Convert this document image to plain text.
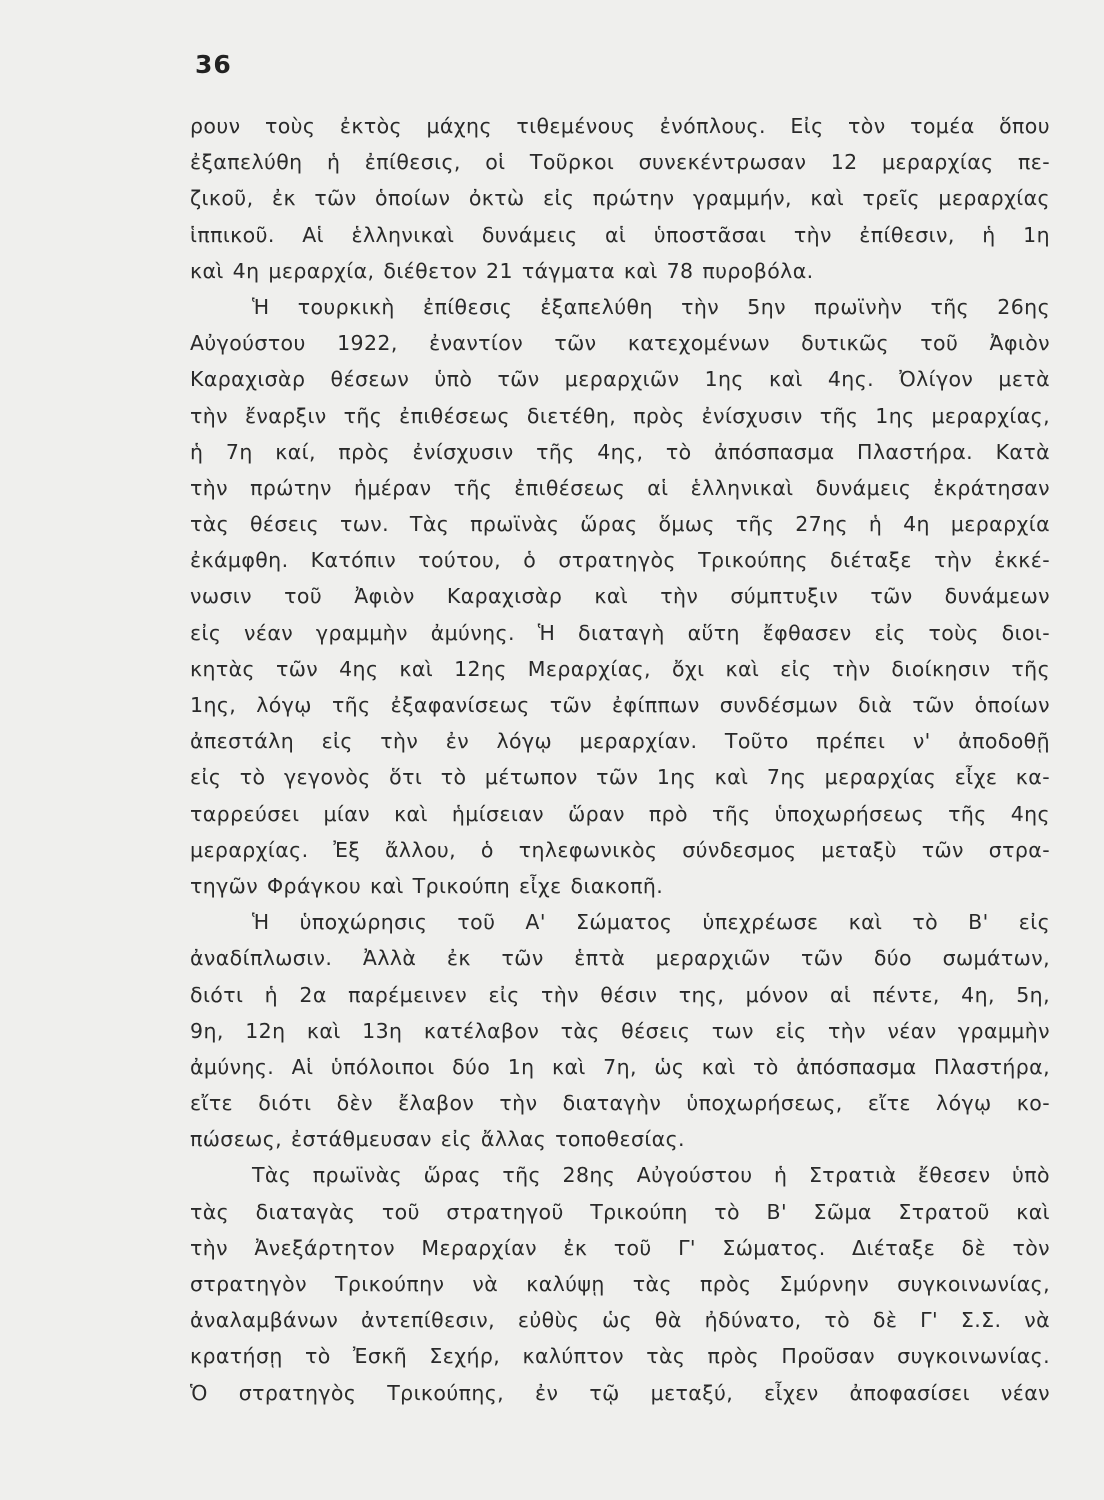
36
ρουν τοὺς ἐκτὸς μάχης τιθεμένους ἐνόπλους. Εἰς τὸν τομέα ὅπου
ἐξαπελύθη ἡ ἐπίθεσις, οἱ Τοῦρκοι συνεκέντρωσαν 12 μεραρχίας πε-
ζικοῦ, ἐκ τῶν ὁποίων ὀκτὼ εἰς πρώτην γραμμήν, καὶ τρεῖς μεραρχίας
ἱππικοῦ. Αἱ ἑλληνικαὶ δυνάμεις αἱ ὑποστᾶσαι τὴν ἐπίθεσιν, ἡ 1η
καὶ 4η μεραρχία, διέθετον 21 τάγματα καὶ 78 πυροβόλα.
Ἡ τουρκικὴ ἐπίθεσις ἐξαπελύθη τὴν 5ην πρωϊνὴν τῆς 26ης
Αὐγούστου 1922, ἐναντίον τῶν κατεχομένων δυτικῶς τοῦ Ἀφιὸν
Καραχισὰρ θέσεων ὑπὸ τῶν μεραρχιῶν 1ης καὶ 4ης. Ὀλίγον μετὰ
τὴν ἔναρξιν τῆς ἐπιθέσεως διετέθη, πρὸς ἐνίσχυσιν τῆς 1ης μεραρχίας,
ἡ 7η καί, πρὸς ἐνίσχυσιν τῆς 4ης, τὸ ἀπόσπασμα Πλαστήρα. Κατὰ
τὴν πρώτην ἡμέραν τῆς ἐπιθέσεως αἱ ἑλληνικαὶ δυνάμεις ἐκράτησαν
τὰς θέσεις των. Τὰς πρωϊνὰς ὥρας ὅμως τῆς 27ης ἡ 4η μεραρχία
ἐκάμφθη. Κατόπιν τούτου, ὁ στρατηγὸς Τρικούπης διέταξε τὴν ἐκκέ-
νωσιν τοῦ Ἀφιὸν Καραχισὰρ καὶ τὴν σύμπτυξιν τῶν δυνάμεων
εἰς νέαν γραμμὴν ἀμύνης. Ἡ διαταγὴ αὕτη ἔφθασεν εἰς τοὺς διοι-
κητὰς τῶν 4ης καὶ 12ης Μεραρχίας, ὄχι καὶ εἰς τὴν διοίκησιν τῆς
1ης, λόγῳ τῆς ἐξαφανίσεως τῶν ἐφίππων συνδέσμων διὰ τῶν ὁποίων
ἀπεστάλη εἰς τὴν ἐν λόγῳ μεραρχίαν. Τοῦτο πρέπει ν' ἀποδοθῇ
εἰς τὸ γεγονὸς ὅτι τὸ μέτωπον τῶν 1ης καὶ 7ης μεραρχίας εἶχε κα-
ταρρεύσει μίαν καὶ ἡμίσειαν ὥραν πρὸ τῆς ὑποχωρήσεως τῆς 4ης
μεραρχίας. Ἐξ ἄλλου, ὁ τηλεφωνικὸς σύνδεσμος μεταξὺ τῶν στρα-
τηγῶν Φράγκου καὶ Τρικούπη εἶχε διακοπῆ.
Ἡ ὑποχώρησις τοῦ Α' Σώματος ὑπεχρέωσε καὶ τὸ Β' εἰς
ἀναδίπλωσιν. Ἀλλὰ ἐκ τῶν ἑπτὰ μεραρχιῶν τῶν δύο σωμάτων,
διότι ἡ 2α παρέμεινεν εἰς τὴν θέσιν της, μόνον αἱ πέντε, 4η, 5η,
9η, 12η καὶ 13η κατέλαβον τὰς θέσεις των εἰς τὴν νέαν γραμμὴν
ἀμύνης. Αἱ ὑπόλοιποι δύο 1η καὶ 7η, ὡς καὶ τὸ ἀπόσπασμα Πλαστήρα,
εἴτε διότι δὲν ἔλαβον τὴν διαταγὴν ὑποχωρήσεως, εἴτε λόγῳ κο-
πώσεως, ἐστάθμευσαν εἰς ἄλλας τοποθεσίας.
Τὰς πρωϊνὰς ὥρας τῆς 28ης Αὐγούστου ἡ Στρατιὰ ἔθεσεν ὑπὸ
τὰς διαταγὰς τοῦ στρατηγοῦ Τρικούπη τὸ Β' Σῶμα Στρατοῦ καὶ
τὴν Ἀνεξάρτητον Μεραρχίαν ἐκ τοῦ Γ' Σώματος. Διέταξε δὲ τὸν
στρατηγὸν Τρικούπην νὰ καλύψῃ τὰς πρὸς Σμύρνην συγκοινωνίας,
ἀναλαμβάνων ἀντεπίθεσιν, εὐθὺς ὡς θὰ ἠδύνατο, τὸ δὲ Γ' Σ.Σ. νὰ
κρατήσῃ τὸ Ἐσκῆ Σεχήρ, καλύπτον τὰς πρὸς Προῦσαν συγκοινωνίας.
Ὁ στρατηγὸς Τρικούπης, ἐν τῷ μεταξύ, εἶχεν ἀποφασίσει νέαν
